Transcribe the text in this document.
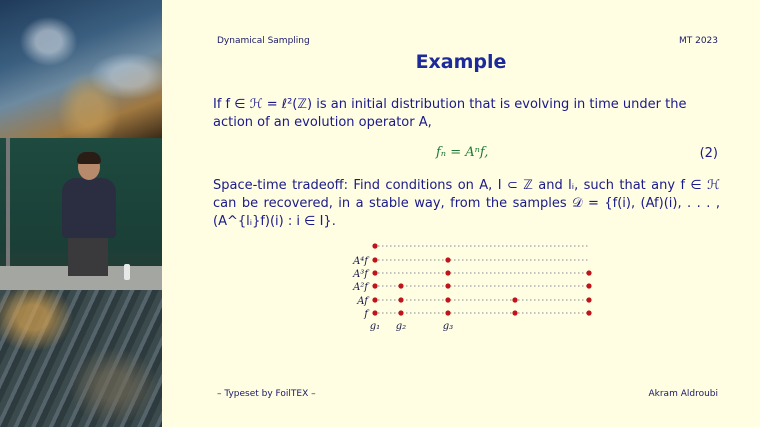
Dynamical Sampling	MT 2023
Example
If f ∈ ℋ = ℓ²(ℤ) is an initial distribution that is evolving in time under the action of an evolution operator A,
fₙ = Aⁿf,	(2)
Space-time tradeoff: Find conditions on A, I ⊂ ℤ and lᵢ, such that any f ∈ ℋ can be recovered, in a stable way, from the samples 𝒟 = {f(i), (Af)(i), . . . , (A^{lᵢ}f)(i) : i ∈ I}.
A⁴f
A³f
A²f
Af
f
g₁ g₂	g₃
– Typeset by FoilTEX –	Akram Aldroubi
